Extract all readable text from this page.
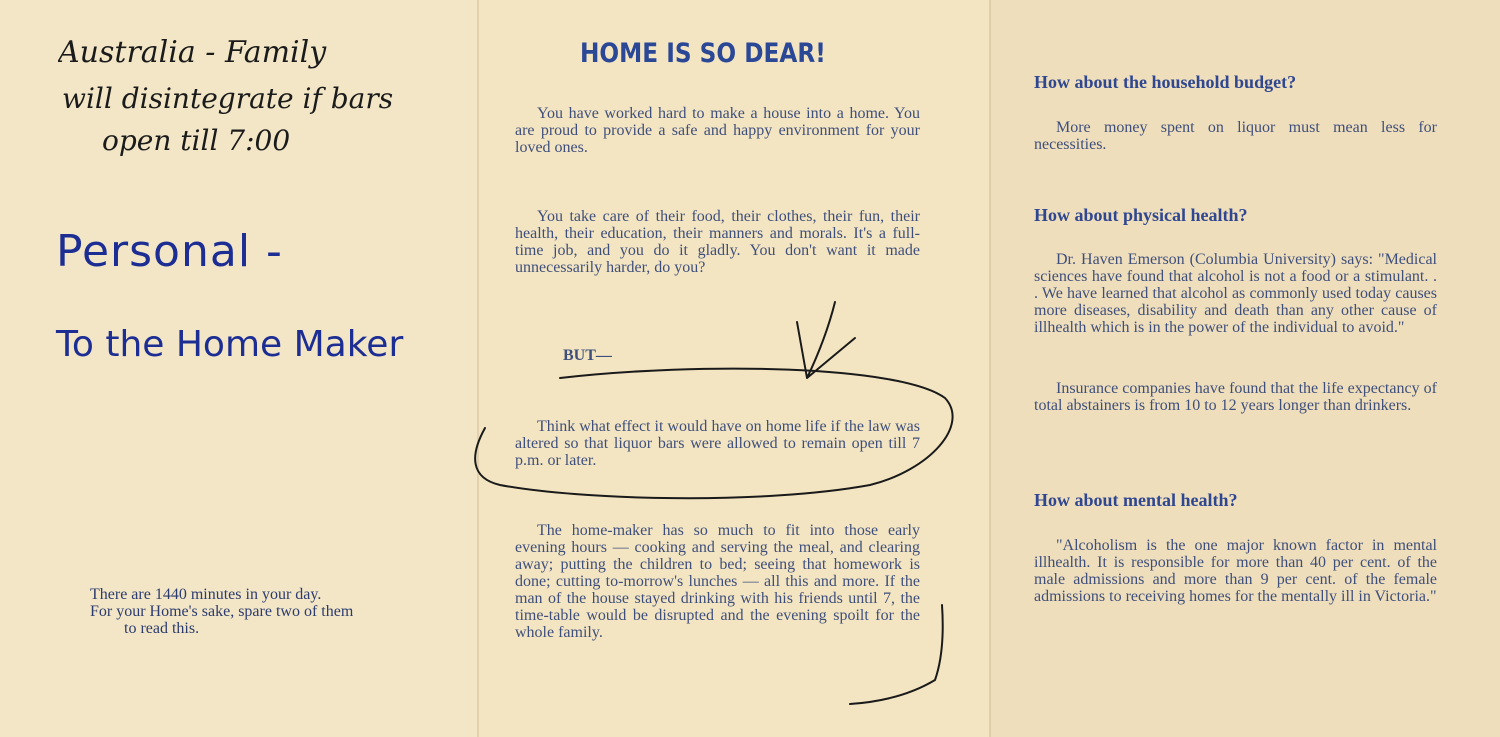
Australia - Family
will disintegrate if bars
open till 7:00
Personal -
To the Home Maker
There are 1440 minutes in your day.
For your Home's sake, spare two of them
to read this.
HOME IS SO DEAR!
You have worked hard to make a house into a home. You are proud to provide a safe and happy environment for your loved ones.
You take care of their food, their clothes, their fun, their health, their education, their manners and morals. It's a full-time job, and you do it gladly. You don't want it made unnecessarily harder, do you?
BUT—
Think what effect it would have on home life if the law was altered so that liquor bars were allowed to remain open till 7 p.m. or later.
The home-maker has so much to fit into those early evening hours — cooking and serving the meal, and clearing away; putting the children to bed; seeing that homework is done; cutting to-morrow's lunches — all this and more. If the man of the house stayed drinking with his friends until 7, the time-table would be disrupted and the evening spoilt for the whole family.
How about the household budget?
More money spent on liquor must mean less for necessities.
How about physical health?
Dr. Haven Emerson (Columbia University) says: "Medical sciences have found that alcohol is not a food or a stimulant. . . We have learned that alcohol as commonly used today causes more diseases, disability and death than any other cause of illhealth which is in the power of the individual to avoid."
Insurance companies have found that the life expectancy of total abstainers is from 10 to 12 years longer than drinkers.
How about mental health?
"Alcoholism is the one major known factor in mental illhealth. It is responsible for more than 40 per cent. of the male admissions and more than 9 per cent. of the female admissions to receiving homes for the mentally ill in Victoria."
